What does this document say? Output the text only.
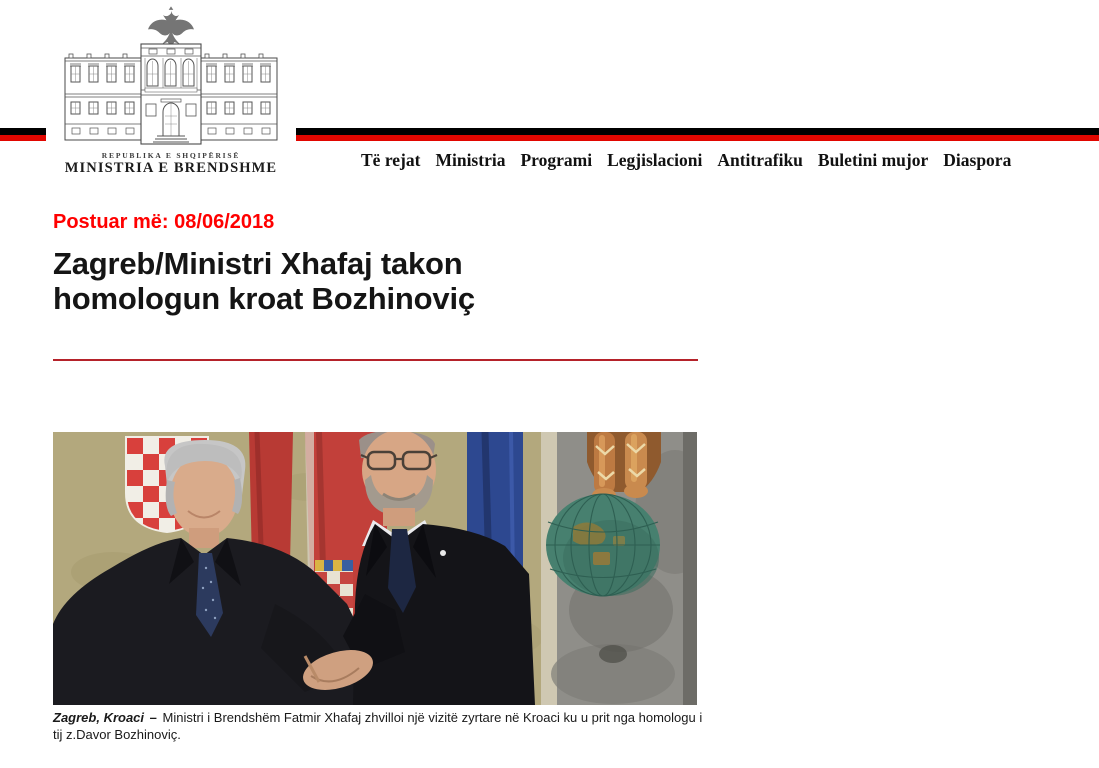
REPUBLIKA E SHQIPËRISË
MINISTRIA E BRENDSHME	Të rejat Ministria Programi Legjislacioni Antitrafiku Buletini mujor Diaspora
Postuar më: 08/06/2018
Zagreb/Ministri Xhafaj takon homologun kroat Bozhinoviç
Zagreb, Kroaci – Ministri i Brendshëm Fatmir Xhafaj zhvilloi një vizitë zyrtare në Kroaci ku u prit nga homologu i tij z.Davor Bozhinoviç.
